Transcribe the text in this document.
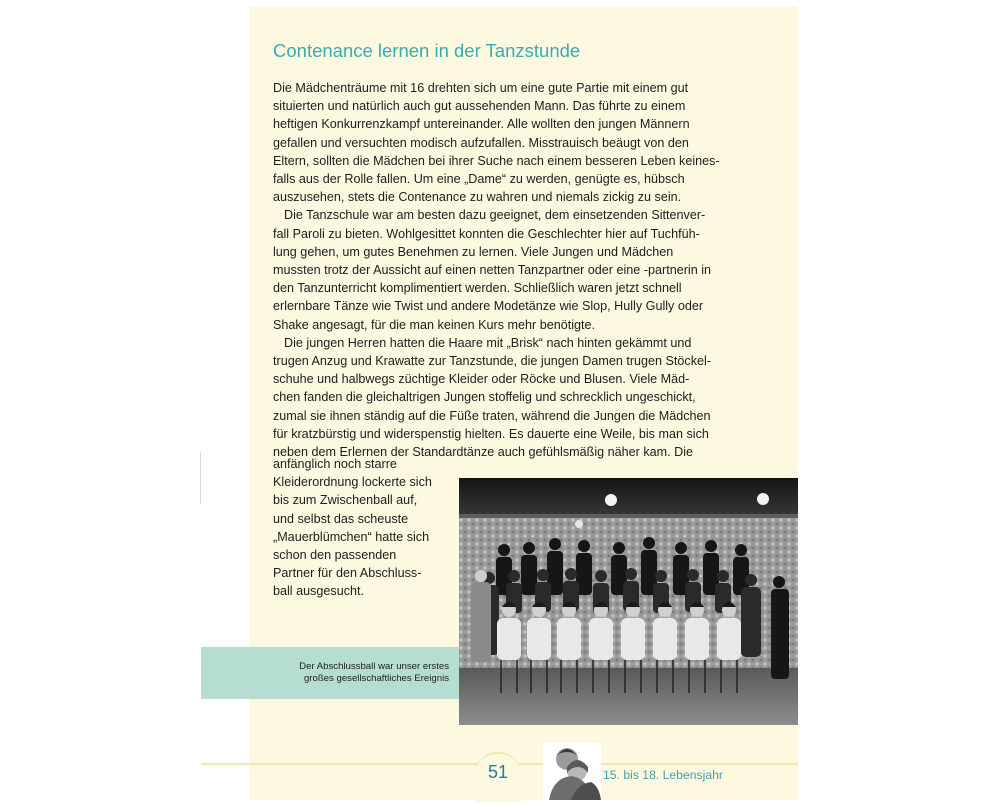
Contenance lernen in der Tanzstunde
Die Mädchenträume mit 16 drehten sich um eine gute Partie mit einem gut
situierten und natürlich auch gut aussehenden Mann. Das führte zu einem
heftigen Konkurrenzkampf untereinander. Alle wollten den jungen Männern
gefallen und versuchten modisch aufzufallen. Misstrauisch beäugt von den
Eltern, sollten die Mädchen bei ihrer Suche nach einem besseren Leben keines-
falls aus der Rolle fallen. Um eine „Dame“ zu werden, genügte es, hübsch
auszusehen, stets die Contenance zu wahren und niemals zickig zu sein.
Die Tanzschule war am besten dazu geeignet, dem einsetzenden Sittenver-
fall Paroli zu bieten. Wohlgesittet konnten die Geschlechter hier auf Tuchfüh-
lung gehen, um gutes Benehmen zu lernen. Viele Jungen und Mädchen
mussten trotz der Aussicht auf einen netten Tanzpartner oder eine -partnerin in
den Tanzunterricht komplimentiert werden. Schließlich waren jetzt schnell
erlernbare Tänze wie Twist und andere Modetänze wie Slop, Hully Gully oder
Shake angesagt, für die man keinen Kurs mehr benötigte.
Die jungen Herren hatten die Haare mit „Brisk“ nach hinten gekämmt und
trugen Anzug und Krawatte zur Tanzstunde, die jungen Damen trugen Stöckel-
schuhe und halbwegs züchtige Kleider oder Röcke und Blusen. Viele Mäd-
chen fanden die gleichaltrigen Jungen stoffelig und schrecklich ungeschickt,
zumal sie ihnen ständig auf die Füße traten, während die Jungen die Mädchen
für kratzbürstig und widerspenstig hielten. Es dauerte eine Weile, bis man sich
neben dem Erlernen der Standardtänze auch gefühlsmäßig näher kam. Die
anfänglich noch starre
Kleiderordnung lockerte sich
bis zum Zwischenball auf,
und selbst das scheuste
„Mauerblümchen“ hatte sich
schon den passenden
Partner für den Abschluss-
ball ausgesucht.
Der Abschlussball war unser erstes
großes gesellschaftliches Ereignis
51	15. bis 18. Lebensjahr
